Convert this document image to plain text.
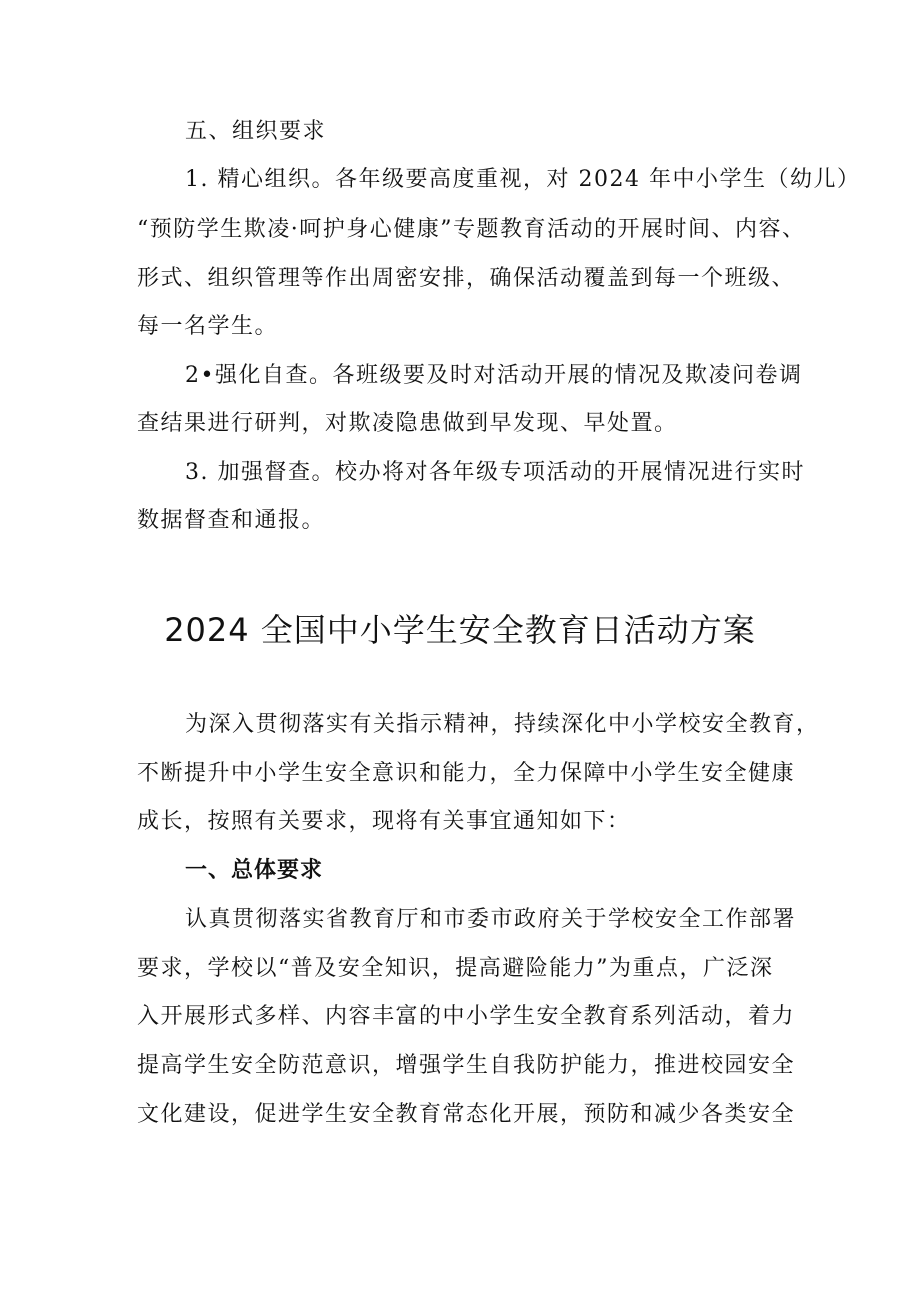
五、组织要求
1. 精心组织。各年级要高度重视，对 2024 年中小学生（幼儿）
“预防学生欺凌·呵护身心健康”专题教育活动的开展时间、内容、
形式、组织管理等作出周密安排，确保活动覆盖到每一个班级、
每一名学生。
2•强化自查。各班级要及时对活动开展的情况及欺凌问卷调
查结果进行研判，对欺凌隐患做到早发现、早处置。
3. 加强督查。校办将对各年级专项活动的开展情况进行实时
数据督查和通报。
2024 全国中小学生安全教育日活动方案
为深入贯彻落实有关指示精神，持续深化中小学校安全教育，
不断提升中小学生安全意识和能力，全力保障中小学生安全健康
成长，按照有关要求，现将有关事宜通知如下：
一、总体要求
认真贯彻落实省教育厅和市委市政府关于学校安全工作部署
要求，学校以“普及安全知识，提高避险能力”为重点，广泛深
入开展形式多样、内容丰富的中小学生安全教育系列活动，着力
提高学生安全防范意识，增强学生自我防护能力，推进校园安全
文化建设，促进学生安全教育常态化开展，预防和减少各类安全
